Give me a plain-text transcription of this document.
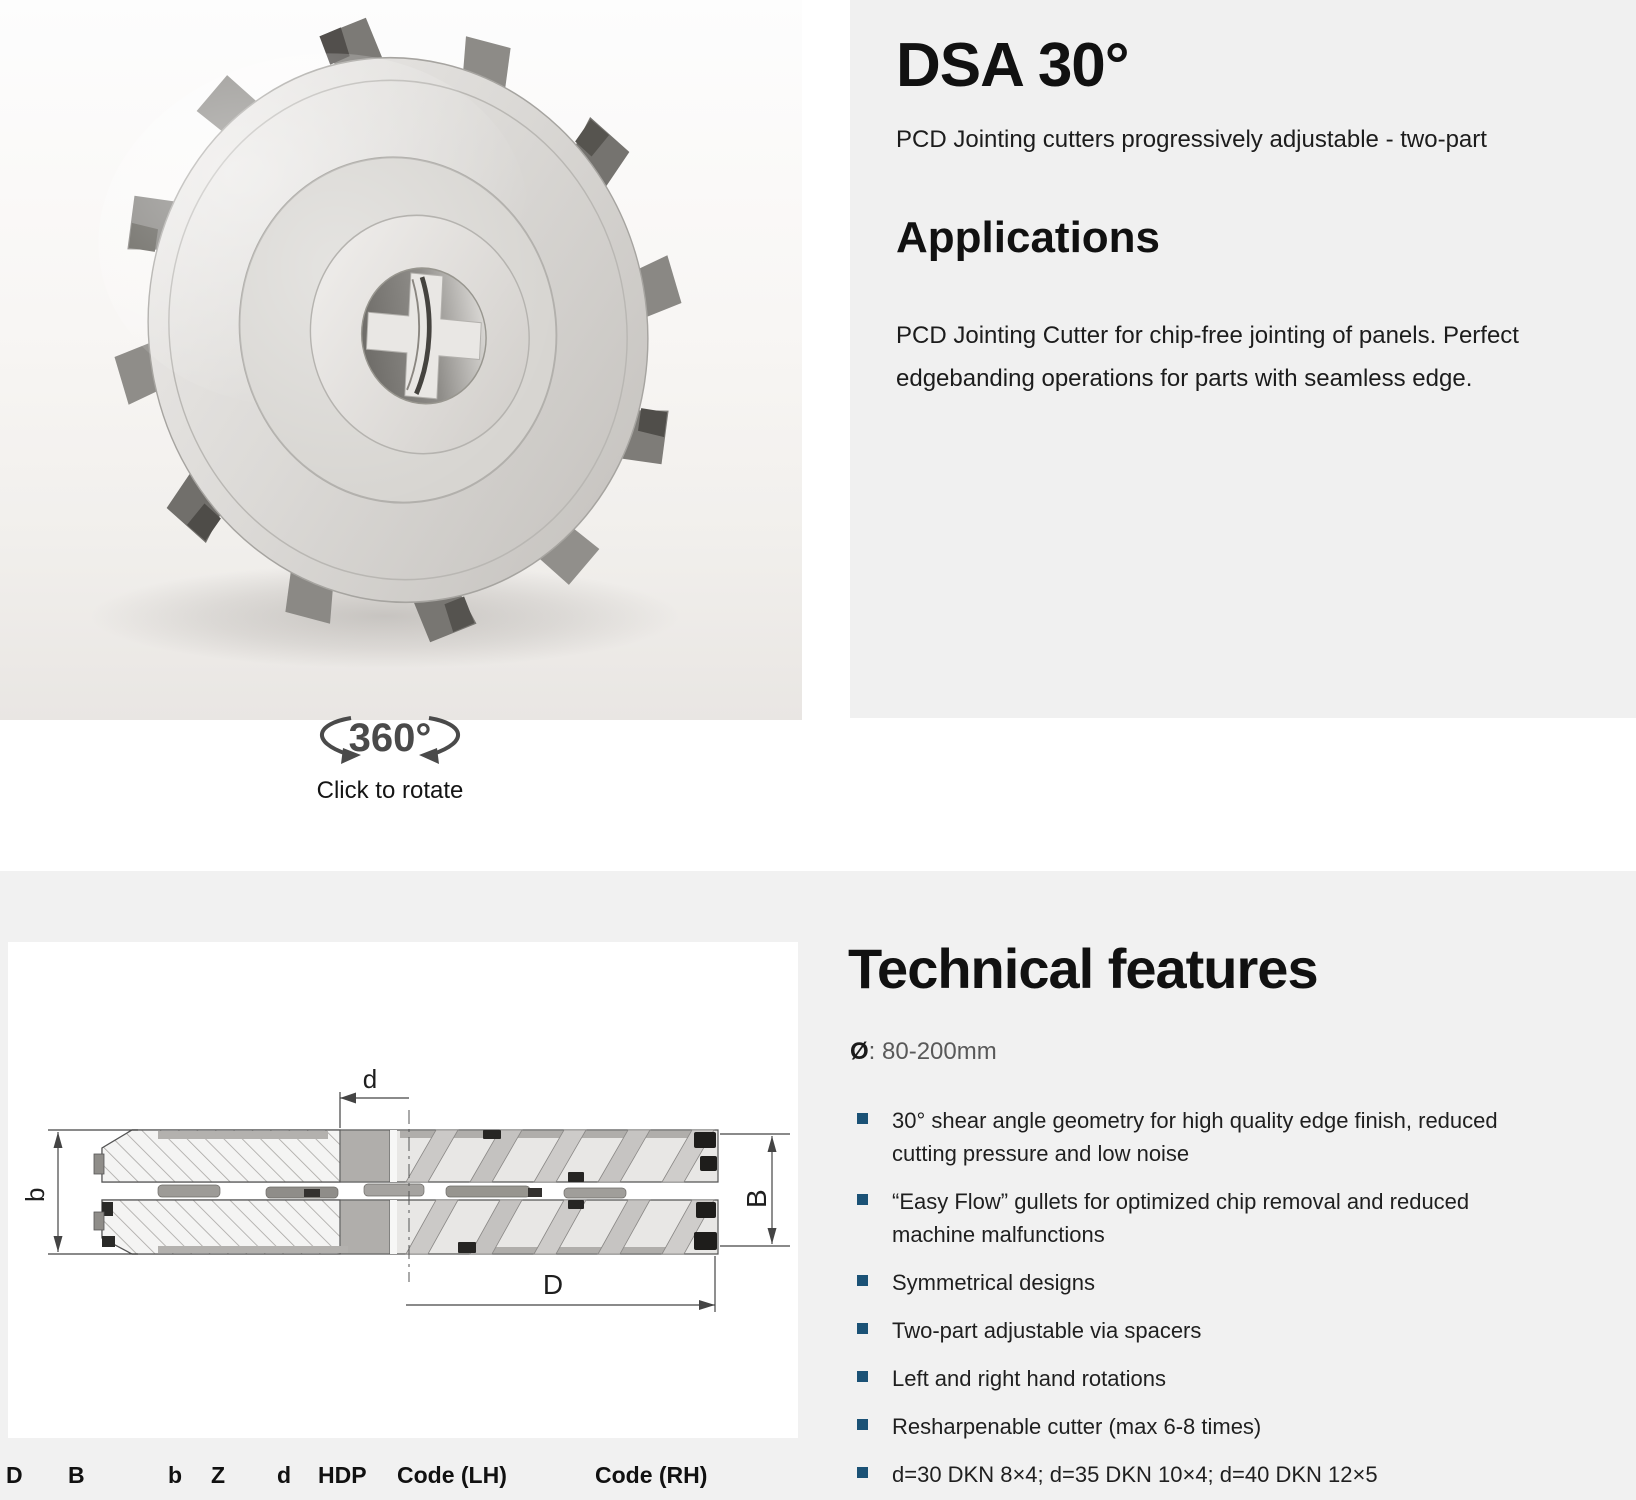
360°
Click to rotate
DSA 30°

PCD Jointing cutters progressively adjustable - two-part

Applications

PCD Jointing Cutter for chip-free jointing of panels. Perfect edgebanding operations for parts with seamless edge.

d
b	B
D
Technical features

Ø: 80-200mm

30° shear angle geometry for high quality edge finish, reduced cutting pressure and low noise
“Easy Flow” gullets for optimized chip removal and reduced machine malfunctions
Symmetrical designs
Two-part adjustable via spacers
Left and right hand rotations
Resharpenable cutter (max 6-8 times)
d=30 DKN 8×4; d=35 DKN 10×4; d=40 DKN 12×5
D B	b Z d HDP Code (LH)	Code (RH)
